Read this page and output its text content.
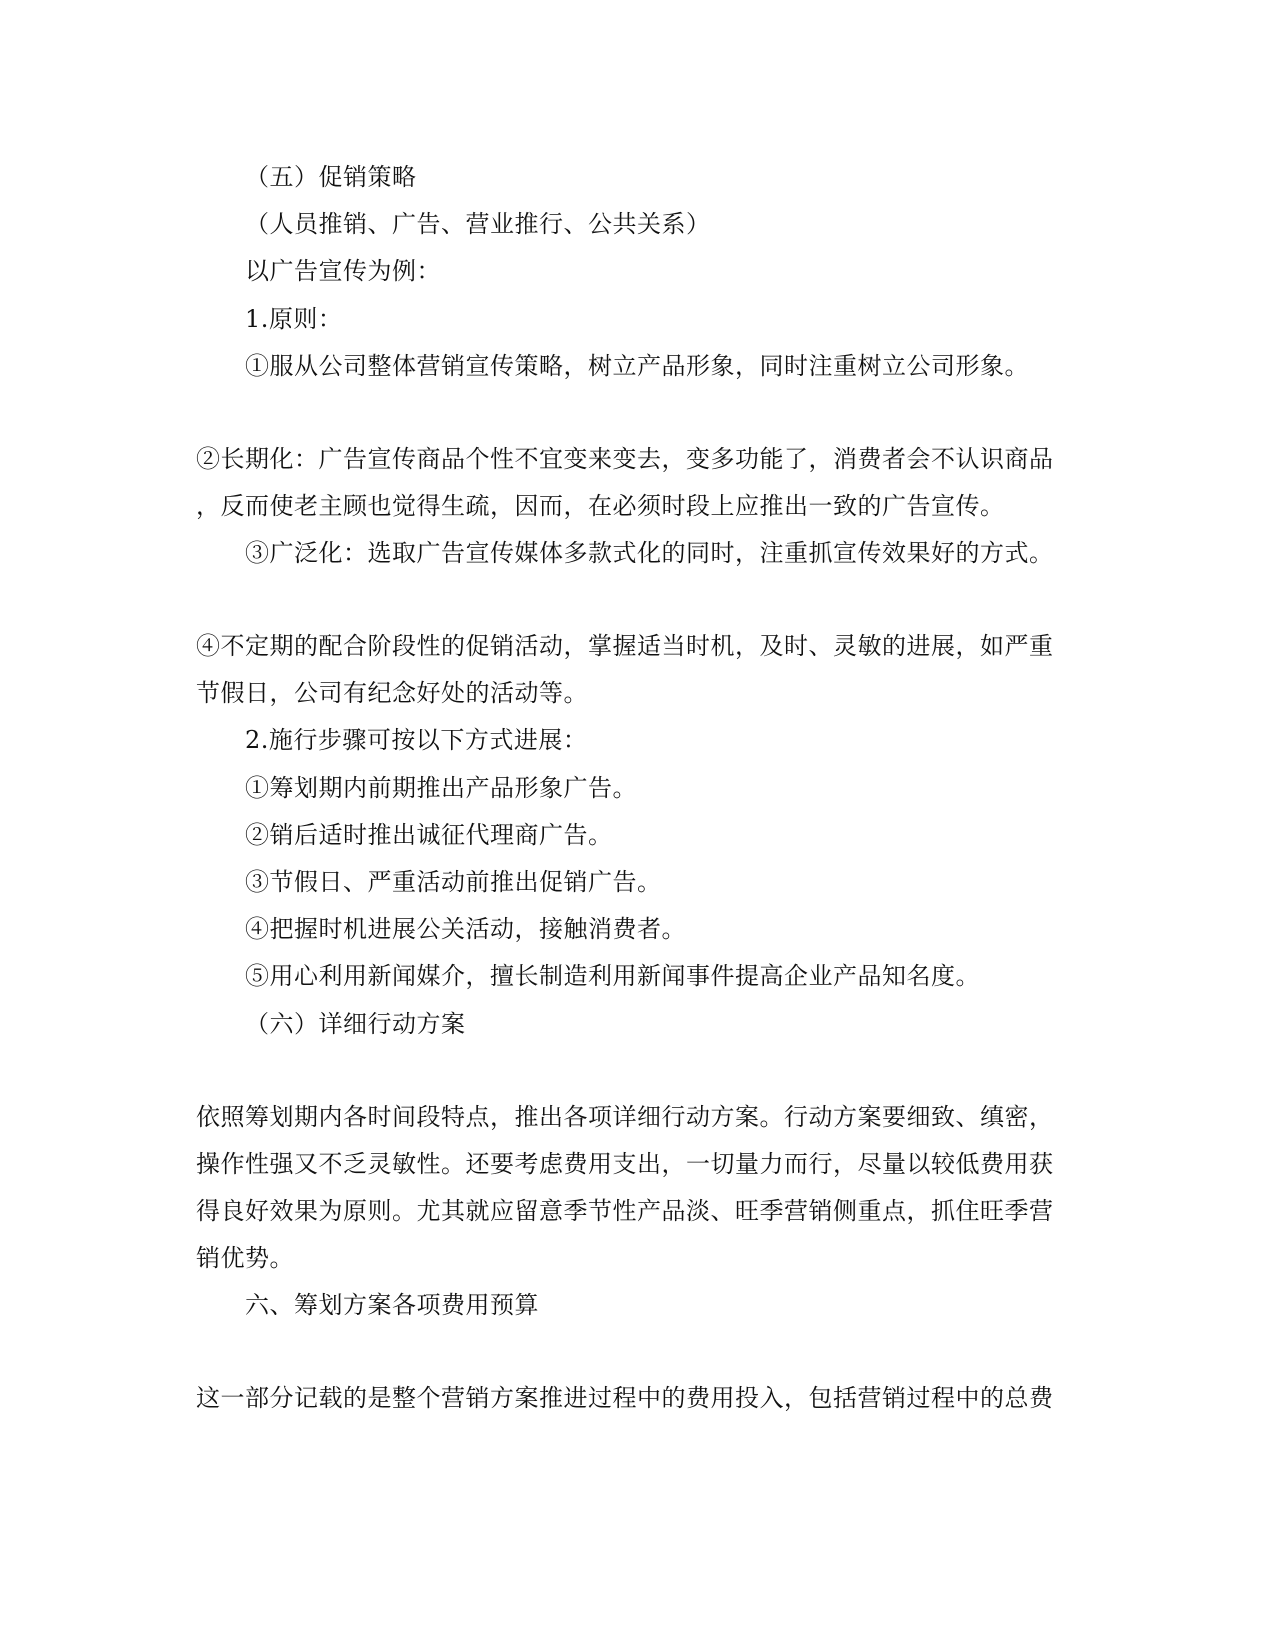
（五）促销策略
（人员推销、广告、营业推行、公共关系）
以广告宣传为例：
1.原则：
①服从公司整体营销宣传策略，树立产品形象，同时注重树立公司形象。
②长期化：广告宣传商品个性不宜变来变去，变多功能了，消费者会不认识商品
，反而使老主顾也觉得生疏，因而，在必须时段上应推出一致的广告宣传。
③广泛化：选取广告宣传媒体多款式化的同时，注重抓宣传效果好的方式。
④不定期的配合阶段性的促销活动，掌握适当时机，及时、灵敏的进展，如严重
节假日，公司有纪念好处的活动等。
2.施行步骤可按以下方式进展：
①筹划期内前期推出产品形象广告。
②销后适时推出诚征代理商广告。
③节假日、严重活动前推出促销广告。
④把握时机进展公关活动，接触消费者。
⑤用心利用新闻媒介，擅长制造利用新闻事件提高企业产品知名度。
（六）详细行动方案
依照筹划期内各时间段特点，推出各项详细行动方案。行动方案要细致、缜密，
操作性强又不乏灵敏性。还要考虑费用支出，一切量力而行，尽量以较低费用获
得良好效果为原则。尤其就应留意季节性产品淡、旺季营销侧重点，抓住旺季营
销优势。
六、筹划方案各项费用预算
这一部分记载的是整个营销方案推进过程中的费用投入，包括营销过程中的总费
